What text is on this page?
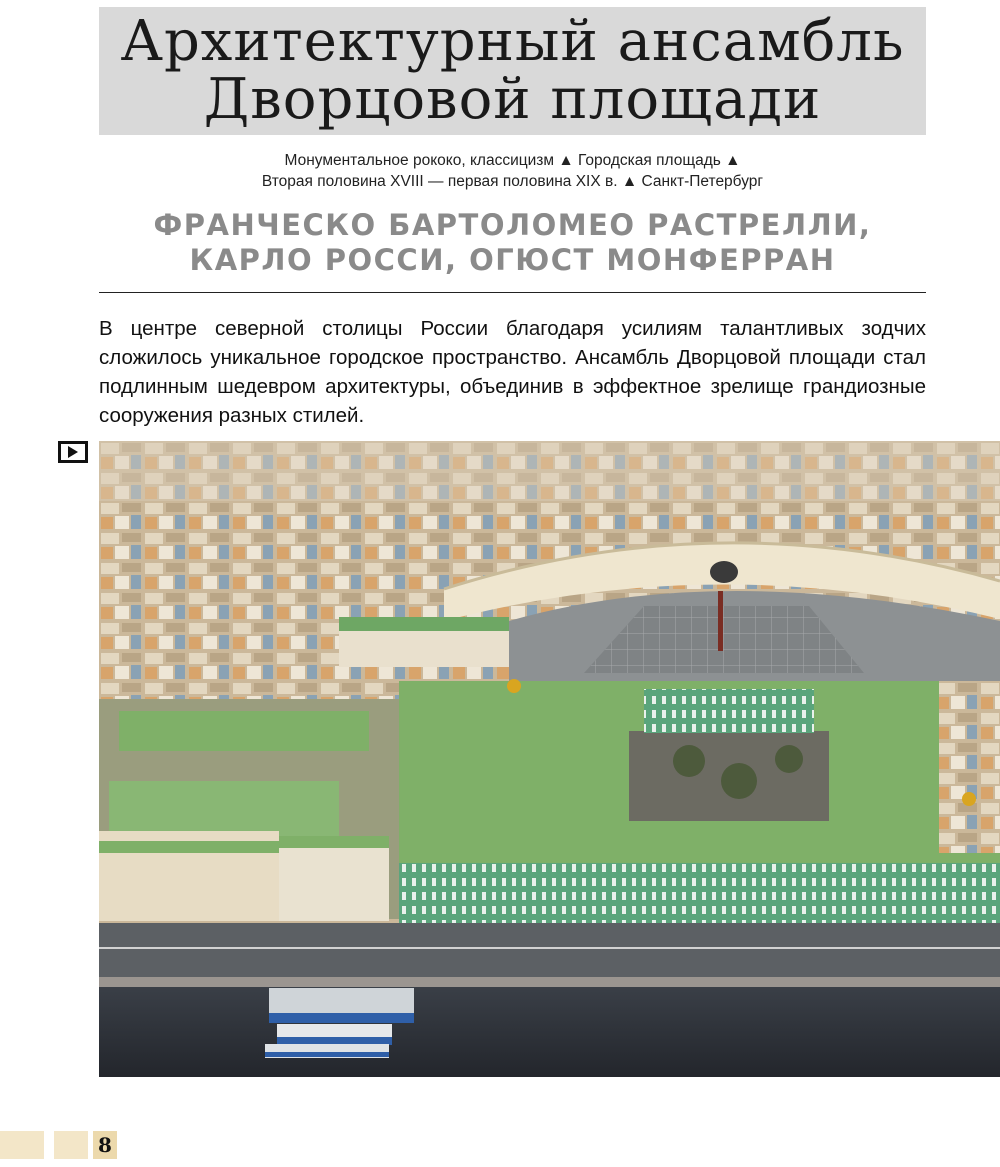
Архитектурный ансамбль
Дворцовой площади
Монументальное рококо, классицизм ▲ Городская площадь ▲
Вторая половина XVIII — первая половина XIX в. ▲ Санкт-Петербург
ФРАНЧЕСКО БАРТОЛОМЕО РАСТРЕЛЛИ,
КАРЛО РОССИ, ОГЮСТ МОНФЕРРАН

В центре северной столицы России благодаря усилиям талантливых зодчих сложилось уникальное городское пространство. Ансамбль Дворцовой площади стал подлинным шедевром архитектуры, объединив в эффектное зрелище грандиозные сооружения разных стилей.

8
